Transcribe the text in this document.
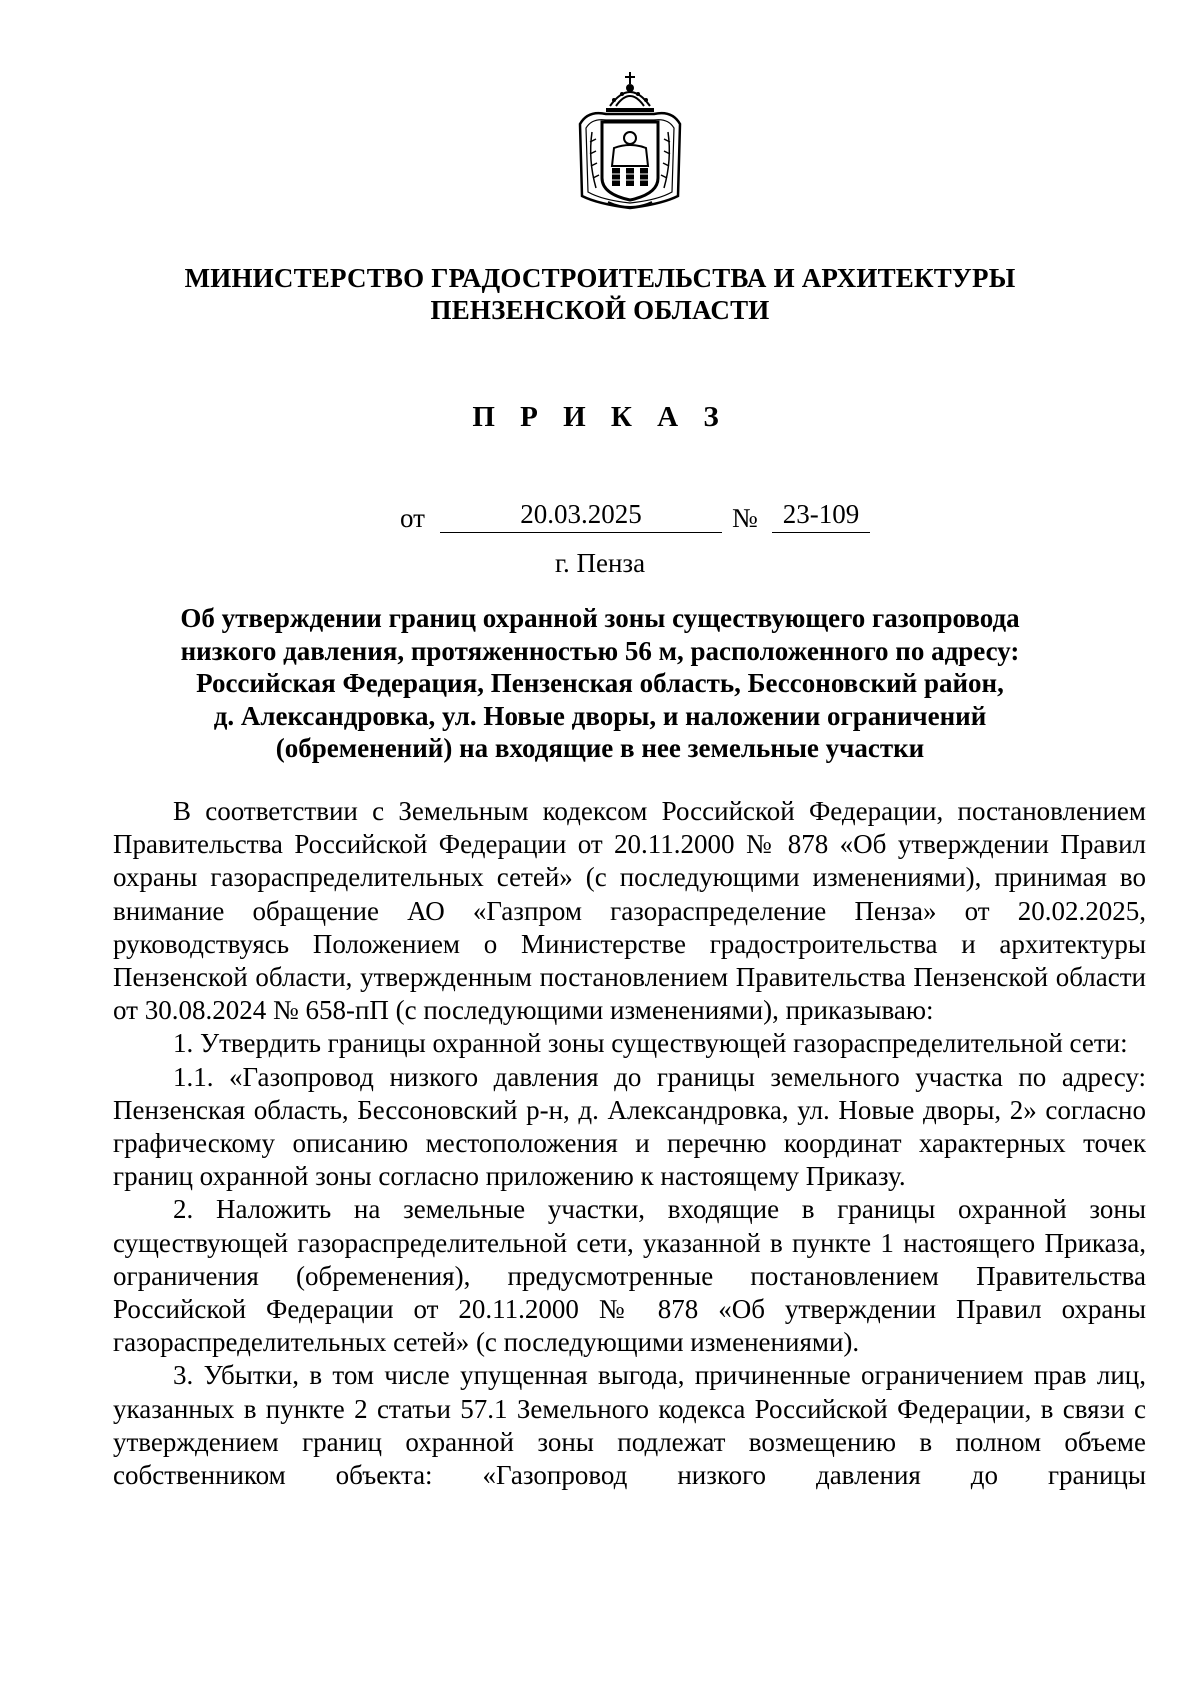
МИНИСТЕРСТВО ГРАДОСТРОИТЕЛЬСТВА И АРХИТЕКТУРЫ
ПЕНЗЕНСКОЙ ОБЛАСТИ
П Р И К А З
от	20.03.2025	№ 23-109
г. Пенза
Об утверждении границ охранной зоны существующего газопровода
низкого давления, протяженностью 56 м, расположенного по адресу:
Российская Федерация, Пензенская область, Бессоновский район,
д. Александровка, ул. Новые дворы, и наложении ограничений
(обременений) на входящие в нее земельные участки

В соответствии с Земельным кодексом Российской Федерации, постановлением Правительства Российской Федерации от 20.11.2000 № 878 «Об утверждении Правил охраны газораспределительных сетей» (с последующими изменениями), принимая во внимание обращение АО «Газпром газораспределение Пенза» от 20.02.2025, руководствуясь Положением о Министерстве градостроительства и архитектуры Пензенской области, утвержденным постановлением Правительства Пензенской области от 30.08.2024 № 658-пП (с последующими изменениями), приказываю:

1. Утвердить границы охранной зоны существующей газораспределительной сети:

1.1. «Газопровод низкого давления до границы земельного участка по адресу: Пензенская область, Бессоновский р-н, д. Александровка, ул. Новые дворы, 2» согласно графическому описанию местоположения и перечню координат характерных точек границ охранной зоны согласно приложению к настоящему Приказу.

2. Наложить на земельные участки, входящие в границы охранной зоны существующей газораспределительной сети, указанной в пункте 1 настоящего Приказа, ограничения (обременения), предусмотренные постановлением Правительства Российской Федерации от 20.11.2000 № 878 «Об утверждении Правил охраны газораспределительных сетей» (с последующими изменениями).

3. Убытки, в том числе упущенная выгода, причиненные ограничением прав лиц, указанных в пункте 2 статьи 57.1 Земельного кодекса Российской Федерации, в связи с утверждением границ охранной зоны подлежат возмещению в полном объеме собственником объекта: «Газопровод низкого давления до границы
